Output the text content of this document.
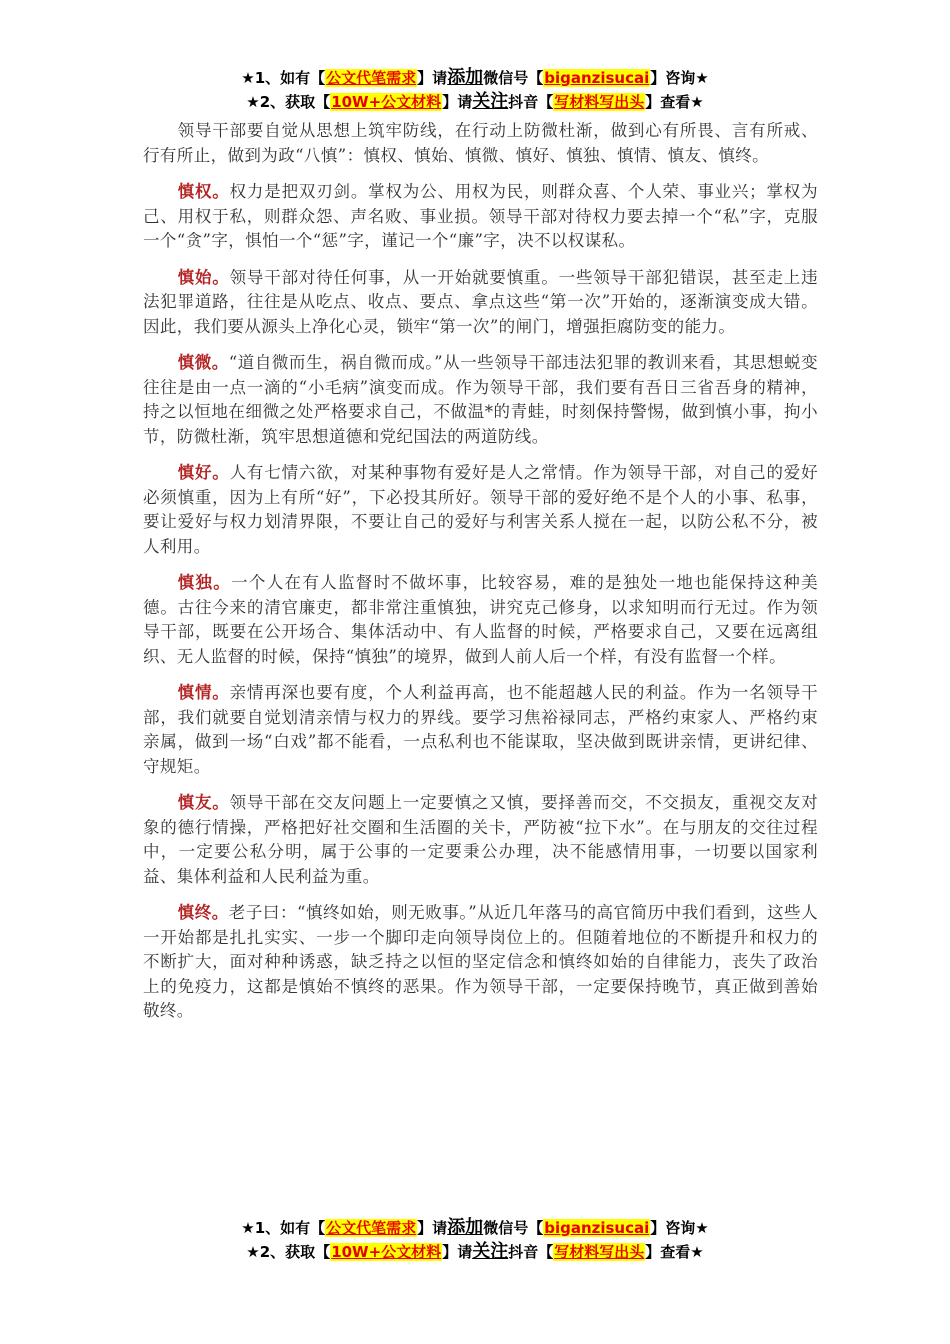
★1、如有【公文代笔需求】请添加微信号【biganzisucai】咨询★
★2、获取【10W+公文材料】请关注抖音【写材料写出头】查看★

领导干部要自觉从思想上筑牢防线，在行动上防微杜渐，做到心有所畏、言有所戒、行有所止，做到为政“八慎”：慎权、慎始、慎微、慎好、慎独、慎情、慎友、慎终。

慎权。权力是把双刃剑。掌权为公、用权为民，则群众喜、个人荣、事业兴；掌权为己、用权于私，则群众怨、声名败、事业损。领导干部对待权力要去掉一个“私”字，克服一个“贪”字，惧怕一个“惩”字，谨记一个“廉”字，决不以权谋私。

慎始。领导干部对待任何事，从一开始就要慎重。一些领导干部犯错误，甚至走上违法犯罪道路，往往是从吃点、收点、要点、拿点这些“第一次”开始的，逐渐演变成大错。因此，我们要从源头上净化心灵，锁牢“第一次”的闸门，增强拒腐防变的能力。

慎微。“道自微而生，祸自微而成。”从一些领导干部违法犯罪的教训来看，其思想蜕变往往是由一点一滴的“小毛病”演变而成。作为领导干部，我们要有吾日三省吾身的精神，持之以恒地在细微之处严格要求自己，不做温*的青蛙，时刻保持警惕，做到慎小事，拘小节，防微杜渐，筑牢思想道德和党纪国法的两道防线。

慎好。人有七情六欲，对某种事物有爱好是人之常情。作为领导干部，对自己的爱好必须慎重，因为上有所“好”，下必投其所好。领导干部的爱好绝不是个人的小事、私事，要让爱好与权力划清界限，不要让自己的爱好与利害关系人搅在一起，以防公私不分，被人利用。

慎独。一个人在有人监督时不做坏事，比较容易，难的是独处一地也能保持这种美德。古往今来的清官廉吏，都非常注重慎独，讲究克己修身，以求知明而行无过。作为领导干部，既要在公开场合、集体活动中、有人监督的时候，严格要求自己，又要在远离组织、无人监督的时候，保持“慎独”的境界，做到人前人后一个样，有没有监督一个样。

慎情。亲情再深也要有度，个人利益再高，也不能超越人民的利益。作为一名领导干部，我们就要自觉划清亲情与权力的界线。要学习焦裕禄同志，严格约束家人、严格约束亲属，做到一场“白戏”都不能看，一点私利也不能谋取，坚决做到既讲亲情，更讲纪律、守规矩。

慎友。领导干部在交友问题上一定要慎之又慎，要择善而交，不交损友，重视交友对象的德行情操，严格把好社交圈和生活圈的关卡，严防被“拉下水”。在与朋友的交往过程中，一定要公私分明，属于公事的一定要秉公办理，决不能感情用事，一切要以国家利益、集体利益和人民利益为重。

慎终。老子曰：“慎终如始，则无败事。”从近几年落马的高官简历中我们看到，这些人一开始都是扎扎实实、一步一个脚印走向领导岗位上的。但随着地位的不断提升和权力的不断扩大，面对种种诱惑，缺乏持之以恒的坚定信念和慎终如始的自律能力，丧失了政治上的免疫力，这都是慎始不慎终的恶果。作为领导干部，一定要保持晚节，真正做到善始敬终。

★1、如有【公文代笔需求】请添加微信号【biganzisucai】咨询★
★2、获取【10W+公文材料】请关注抖音【写材料写出头】查看★
